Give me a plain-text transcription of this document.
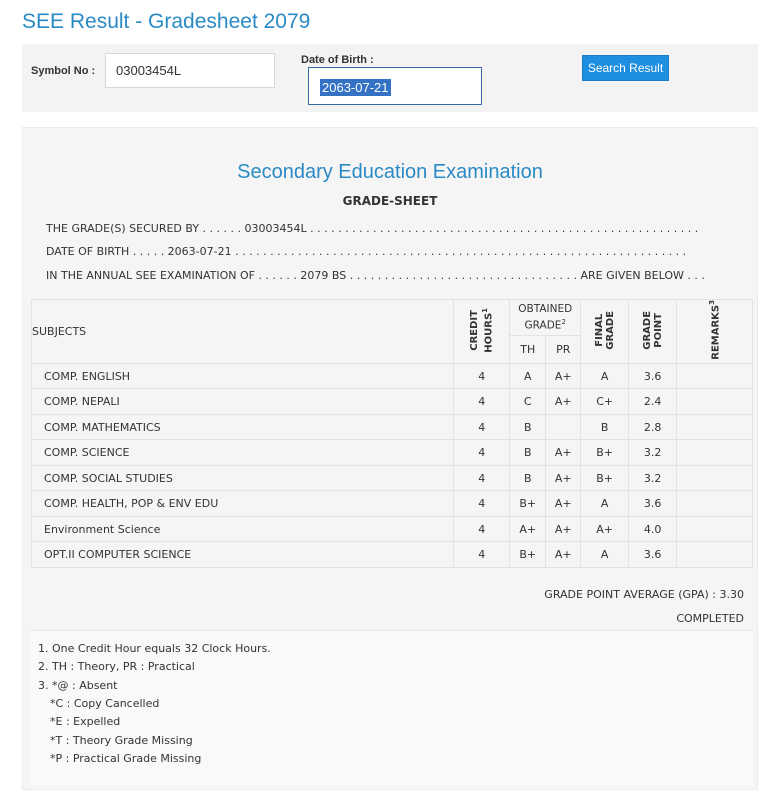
SEE Result - Gradesheet 2079
Symbol No :	03003454L
Date of Birth :
2063-07-21
Search Result
Secondary Education Examination
GRADE-SHEET
THE GRADE(S) SECURED BY . . . . . . 03003454L . . . . . . . . . . . . . . . . . . . . . . . . . . . . . . . . . . . . . . . . . . . . . . . . . . . . . . . .
DATE OF BIRTH . . . . . 2063-07-21 . . . . . . . . . . . . . . . . . . . . . . . . . . . . . . . . . . . . . . . . . . . . . . . . . . . . . . . . . . . . . . . . .
IN THE ANNUAL SEE EXAMINATION OF . . . . . . 2079 BS . . . . . . . . . . . . . . . . . . . . . . . . . . . . . . . . . ARE GIVEN BELOW . . .
SUBJECTS	CREDIT HOURS$^1$	OBTAINED GRADE$^2$		FINAL GRADE	GRADE POINT	REMARKS$^3$
		TH	PR			
COMP. ENGLISH	4	A	A+	A	3.6	
COMP. NEPALI	4	C	A+	C+	2.4	
COMP. MATHEMATICS	4	B		B	2.8	
COMP. SCIENCE	4	B	A+	B+	3.2	
COMP. SOCIAL STUDIES	4	B	A+	B+	3.2	
COMP. HEALTH, POP & ENV EDU	4	B+	A+	A	3.6	
Environment Science	4	A+	A+	A+	4.0	
OPT.II COMPUTER SCIENCE	4	B+	A+	A	3.6	
GRADE POINT AVERAGE (GPA) : 3.30
COMPLETED
1. One Credit Hour equals 32 Clock Hours.
2. TH : Theory, PR : Practical
3. *@ : Absent
*C : Copy Cancelled
*E : Expelled
*T : Theory Grade Missing
*P : Practical Grade Missing
